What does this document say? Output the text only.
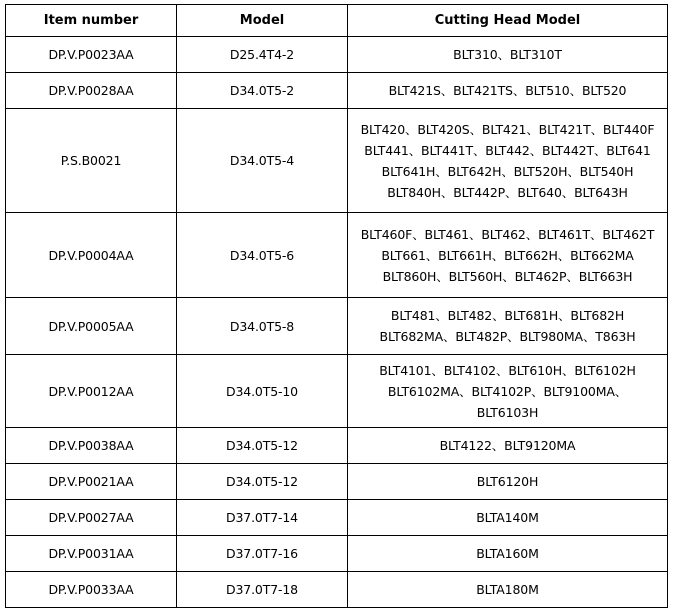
Item number	Model	Cutting Head Model
DP.V.P0023AA	D25.4T4-2	BLT310、BLT310T

DP.V.P0028AA	D34.0T5-2	BLT421S、BLT421TS、BLT510、BLT520

P.S.B0021	D34.0T5-4	BLT420、BLT420S、BLT421、BLT421T、BLT440F
BLT441、BLT441T、BLT442、BLT442T、BLT641
BLT641H、BLT642H、BLT520H、BLT540H
BLT840H、BLT442P、BLT640、BLT643H

DP.V.P0004AA	D34.0T5-6	BLT460F、BLT461、BLT462、BLT461T、BLT462T
BLT661、BLT661H、BLT662H、BLT662MA
BLT860H、BLT560H、BLT462P、BLT663H

DP.V.P0005AA	D34.0T5-8	BLT481、BLT482、BLT681H、BLT682H
BLT682MA、BLT482P、BLT980MA、T863H

DP.V.P0012AA	D34.0T5-10	BLT4101、BLT4102、BLT610H、BLT6102H
BLT6102MA、BLT4102P、BLT9100MA、
BLT6103H

DP.V.P0038AA	D34.0T5-12	BLT4122、BLT9120MA

DP.V.P0021AA	D34.0T5-12	BLT6120H

DP.V.P0027AA	D37.0T7-14	BLTA140M

DP.V.P0031AA	D37.0T7-16	BLTA160M

DP.V.P0033AA	D37.0T7-18	BLTA180M
